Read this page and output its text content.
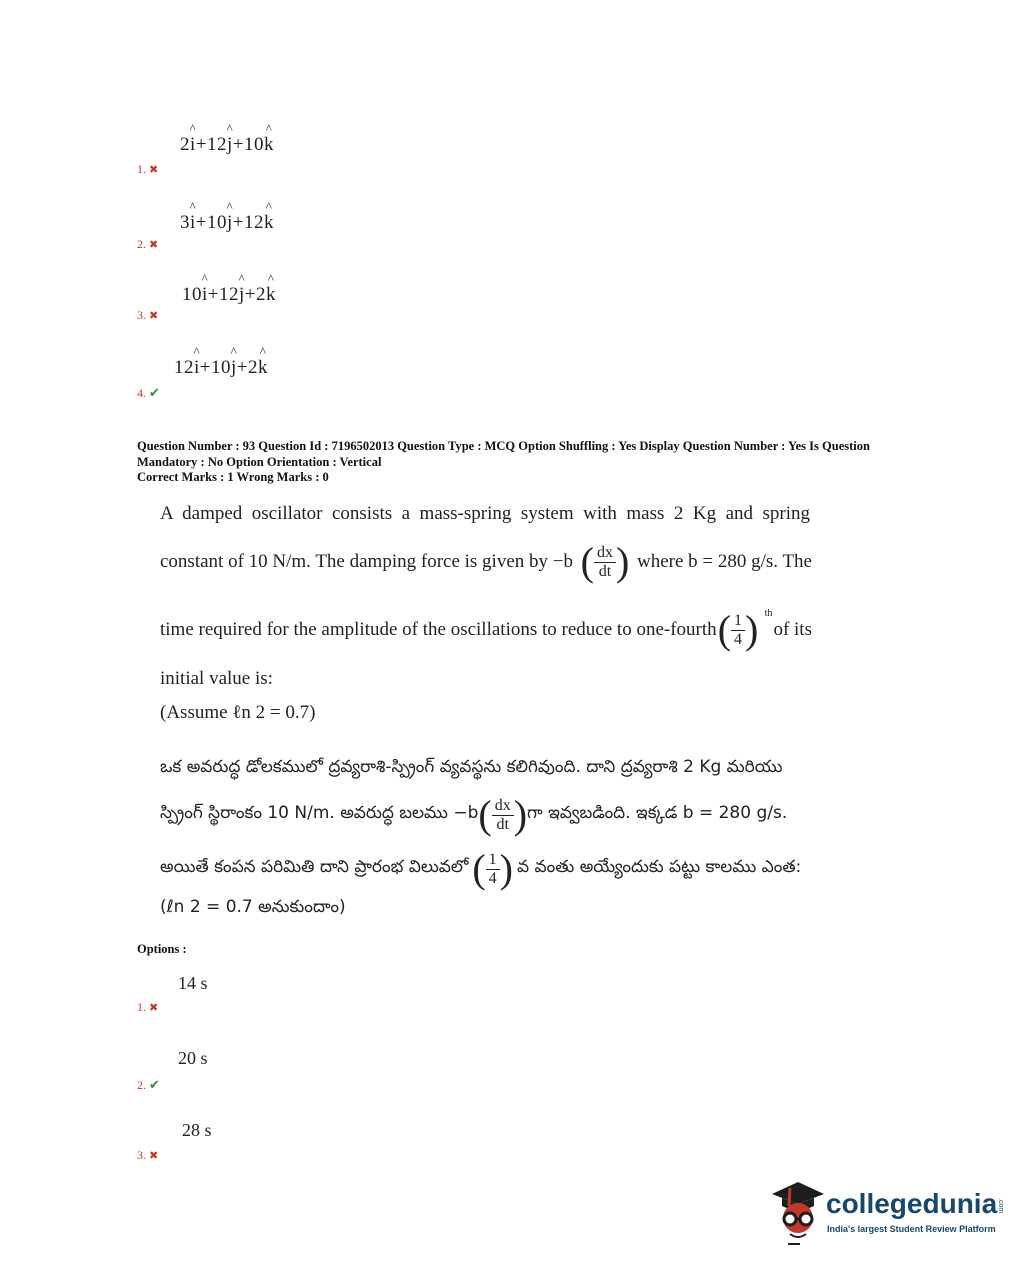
2^ i+12^ j+10^ k
1. ✖
3^ i+10^ j+12^ k
2. ✖
10^ i+12^ j+2^ k
3. ✖
12^ i+10^ j+2^ k
4. ✔
Question Number : 93 Question Id : 7196502013 Question Type : MCQ Option Shuffling : Yes Display Question Number : Yes Is Question
Mandatory : No Option Orientation : Vertical
Correct Marks : 1 Wrong Marks : 0
A damped oscillator consists a mass-spring system with mass 2 Kg and spring
constant of 10 N/m. The damping force is given by −b ( $\frac{dx}{dt}$ ) where b = 280 g/s. The
time required for the amplitude of the oscillations to reduce to one-fourth ( $\frac{1}{4}$ ) th
of its
initial value is:
(Assume ℓn 2 = 0.7)
ఒక అవరుద్ధ డోలకములో ద్రవ్యరాశి-స్ప్రింగ్ వ్యవస్థను కలిగివుంది. దాని ద్రవ్యరాశి 2 Kg మరియు
స్ప్రింగ్ స్థిరాంకం 10 N/m. అవరుద్ధ బలము −b ( $\frac{dx}{dt}$ ) గా ఇవ్వబడింది. ఇక్కడ b = 280 g/s.
అయితే కంపన పరిమితి దాని ప్రారంభ విలువలో ( $\frac{1}{4}$ ) వ వంతు అయ్యేందుకు పట్టు కాలము ఎంత:
(ℓn 2 = 0.7 అనుకుందాం)
Options :
14 s
1. ✖
20 s
2. ✔
28 s
3. ✖
collegedunia.com
India's largest Student Review Platform
